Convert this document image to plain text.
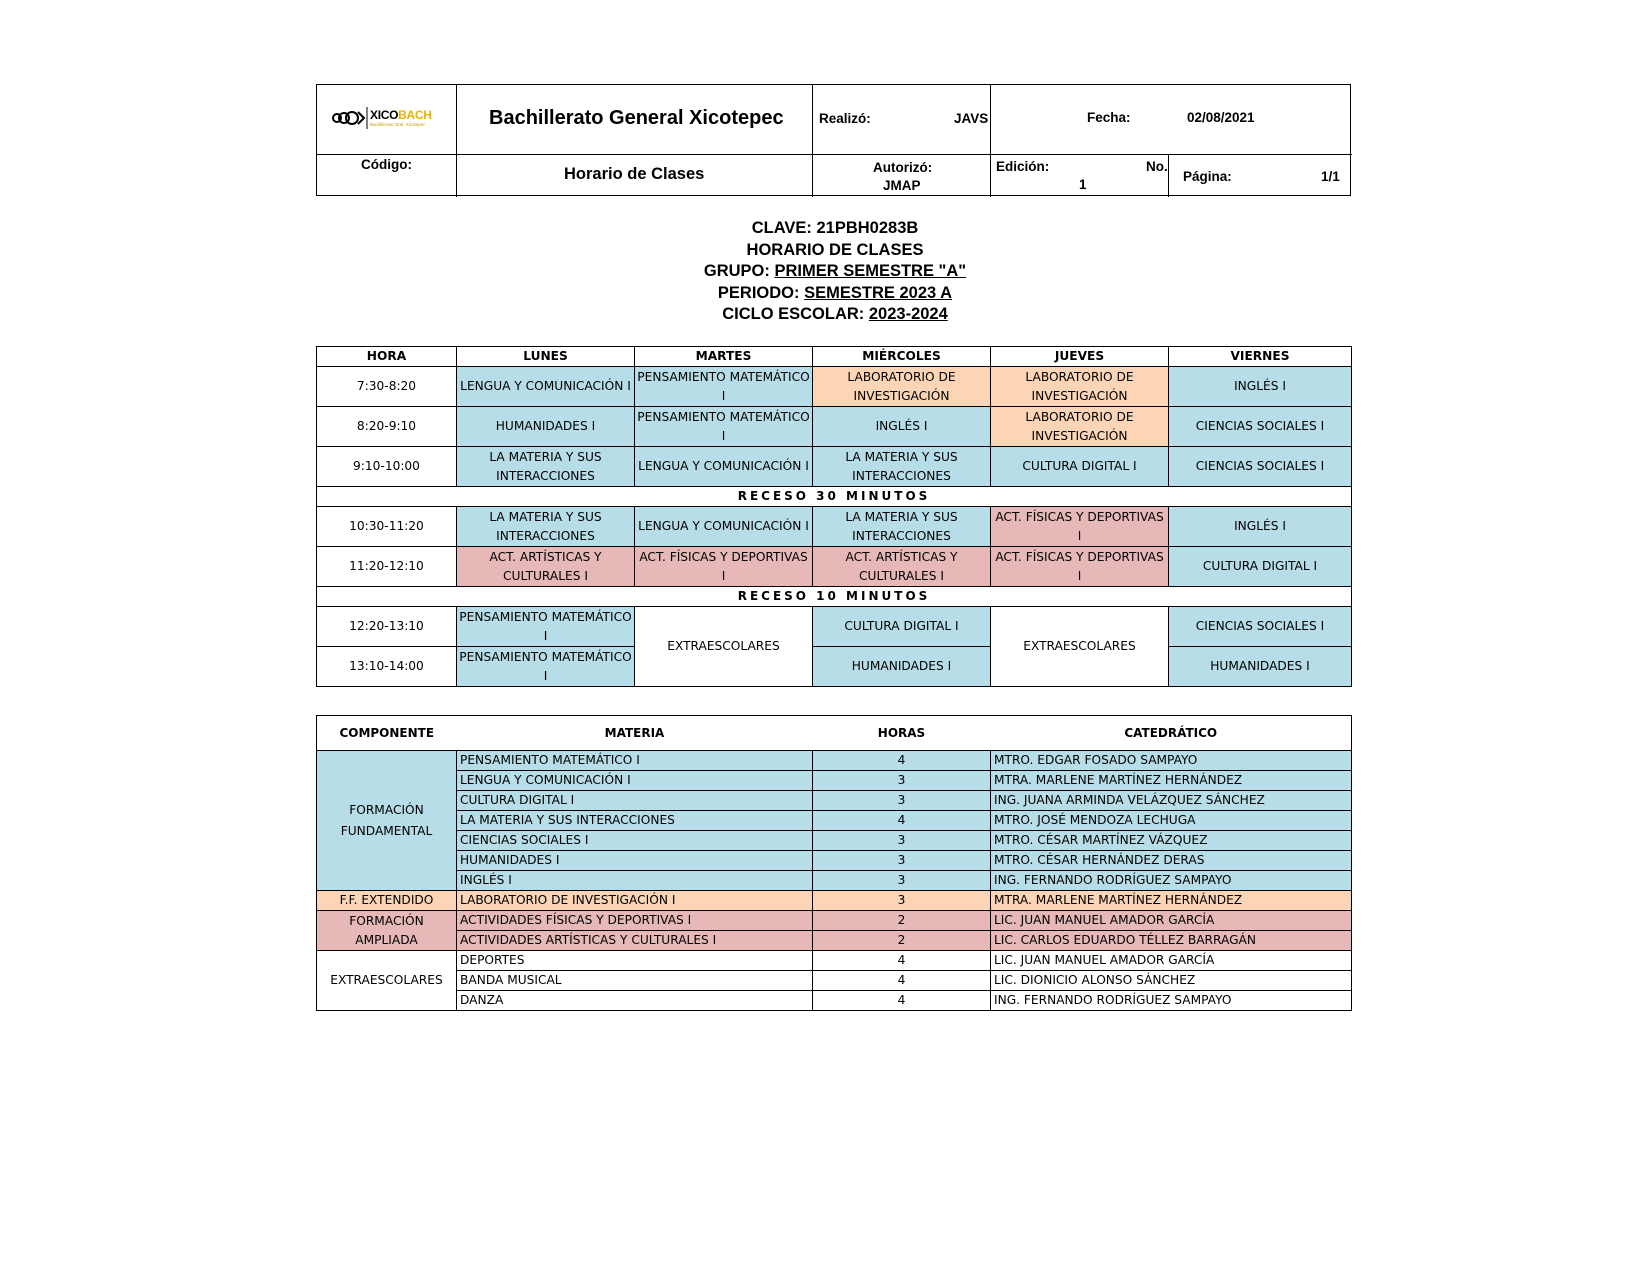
XICOBACH
Bachillerato Gral. Xicotepec	Bachillerato General Xicotepec	Realizó:	JAVS	Fecha:	02/08/2021
Código:
Horario de Clases	Autorizó:
JMAP
Edición:	No.
1
Página:	1/1
CLAVE: 21PBH0283B
HORARIO DE CLASES
GRUPO: PRIMER SEMESTRE "A"
PERIODO: SEMESTRE 2023 A
CICLO ESCOLAR: 2023-2024
HORA	LUNES	MARTES	MIÉRCOLES	JUEVES	VIERNES
7:30-8:20	LENGUA Y COMUNICACIÓN I	PENSAMIENTO MATEMÁTICO I	LABORATORIO DE INVESTIGACIÓN	LABORATORIO DE INVESTIGACIÓN	INGLÉS I
8:20-9:10	HUMANIDADES I	PENSAMIENTO MATEMÁTICO I	INGLÉS I	LABORATORIO DE INVESTIGACIÓN	CIENCIAS SOCIALES I
9:10-10:00	LA MATERIA Y SUS INTERACCIONES	LENGUA Y COMUNICACIÓN I	LA MATERIA Y SUS INTERACCIONES	CULTURA DIGITAL I	CIENCIAS SOCIALES I
RECESO 30 MINUTOS					
10:30-11:20	LA MATERIA Y SUS INTERACCIONES	LENGUA Y COMUNICACIÓN I	LA MATERIA Y SUS INTERACCIONES	ACT. FÍSICAS Y DEPORTIVAS I	INGLÉS I
11:20-12:10	ACT. ARTÍSTICAS Y CULTURALES I	ACT. FÍSICAS Y DEPORTIVAS I	ACT. ARTÍSTICAS Y CULTURALES I	ACT. FÍSICAS Y DEPORTIVAS I	CULTURA DIGITAL I
RECESO 10 MINUTOS					
12:20-13:10	PENSAMIENTO MATEMÁTICO I	EXTRAESCOLARES	CULTURA DIGITAL I	EXTRAESCOLARES	CIENCIAS SOCIALES I
13:10-14:00	PENSAMIENTO MATEMÁTICO I		HUMANIDADES I		HUMANIDADES I
COMPONENTE	MATERIA	HORAS	CATEDRÁTICO
FORMACIÓN FUNDAMENTAL	PENSAMIENTO MATEMÁTICO I	4	MTRO. EDGAR FOSADO SAMPAYO
	LENGUA Y COMUNICACIÓN I	3	MTRA. MARLENE MARTÍNEZ HERNÁNDEZ
	CULTURA DIGITAL I	3	ING. JUANA ARMINDA VELÁZQUEZ SÁNCHEZ
	LA MATERIA Y SUS INTERACCIONES	4	MTRO. JOSÉ MENDOZA LECHUGA
	CIENCIAS SOCIALES I	3	MTRO. CÉSAR MARTÍNEZ VÁZQUEZ
	HUMANIDADES I	3	MTRO. CÉSAR HERNÁNDEZ DERAS
	INGLÉS I	3	ING. FERNANDO RODRÍGUEZ SAMPAYO
F.F. EXTENDIDO	LABORATORIO DE INVESTIGACIÓN I	3	MTRA. MARLENE MARTÍNEZ HERNÁNDEZ
FORMACIÓN AMPLIADA	ACTIVIDADES FÍSICAS Y DEPORTIVAS I	2	LIC. JUAN MANUEL AMADOR GARCÍA
	ACTIVIDADES ARTÍSTICAS Y CULTURALES I	2	LIC. CARLOS EDUARDO TÉLLEZ BARRAGÁN
EXTRAESCOLARES	DEPORTES	4	LIC. JUAN MANUEL AMADOR GARCÍA
	BANDA MUSICAL	4	LIC. DIONICIO ALONSO SÁNCHEZ
	DANZA	4	ING. FERNANDO RODRÍGUEZ SAMPAYO
